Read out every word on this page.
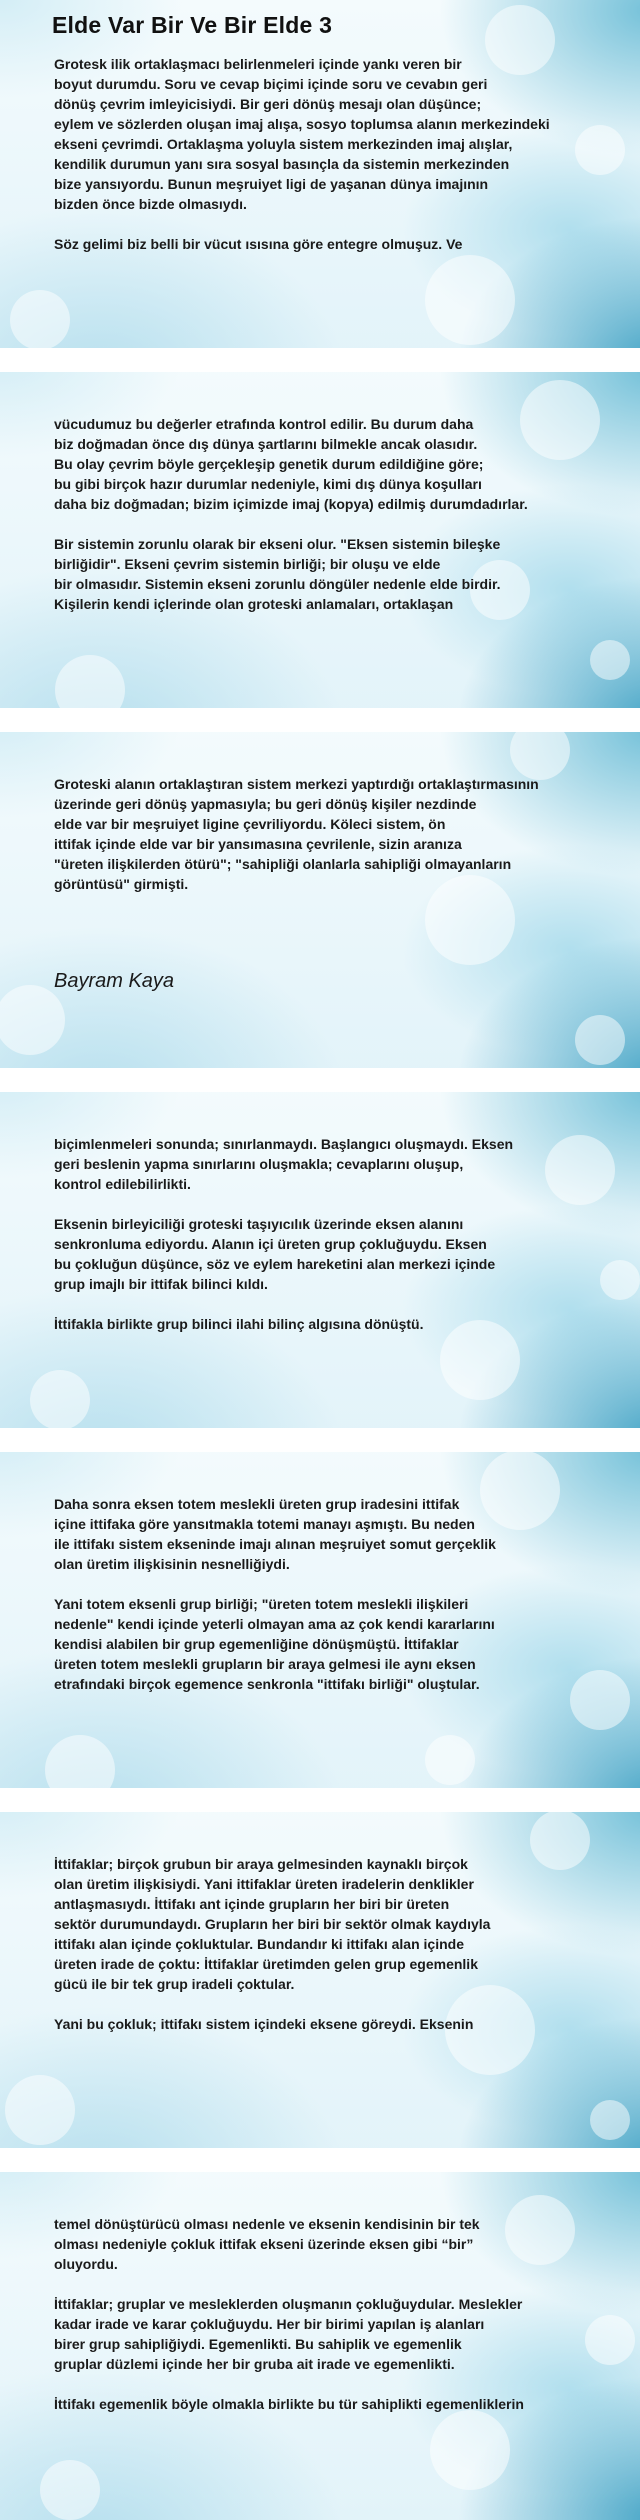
Elde Var Bir Ve Bir Elde 3
Grotesk ilik ortaklaşmacı belirlenmeleri içinde yankı veren bir
boyut durumdu. Soru ve cevap biçimi içinde soru ve cevabın geri
dönüş çevrim imleyicisiydi. Bir geri dönüş mesajı olan düşünce;
eylem ve sözlerden oluşan imaj alışa, sosyo toplumsa alanın merkezindeki
ekseni çevrimdi. Ortaklaşma yoluyla sistem merkezinden imaj alışlar,
kendilik durumun yanı sıra sosyal basınçla da sistemin merkezinden
bize yansıyordu. Bunun meşruiyet ligi de yaşanan dünya imajının
bizden önce bizde olmasıydı.
Söz gelimi biz belli bir vücut ısısına göre entegre olmuşuz. Ve
vücudumuz bu değerler etrafında kontrol edilir. Bu durum daha
biz doğmadan önce dış dünya şartlarını bilmekle ancak olasıdır.
Bu olay çevrim böyle gerçekleşip genetik durum edildiğine göre;
bu gibi birçok hazır durumlar nedeniyle, kimi dış dünya koşulları
daha biz doğmadan; bizim içimizde imaj (kopya) edilmiş durumdadırlar.
Bir sistemin zorunlu olarak bir ekseni olur. "Eksen sistemin bileşke
birliğidir". Ekseni çevrim sistemin birliği; bir oluşu ve elde
bir olmasıdır. Sistemin ekseni zorunlu döngüler nedenle elde birdir.
Kişilerin kendi içlerinde olan groteski anlamaları, ortaklaşan
Groteski alanın ortaklaştıran sistem merkezi yaptırdığı ortaklaştırmasının
üzerinde geri dönüş yapmasıyla; bu geri dönüş kişiler nezdinde
elde var bir meşruiyet ligine çevriliyordu. Köleci sistem, ön
ittifak içinde elde var bir yansımasına çevrilenle, sizin aranıza
"üreten ilişkilerden ötürü"; "sahipliği olanlarla sahipliği olmayanların
görüntüsü" girmişti.
Bayram Kaya
biçimlenmeleri sonunda; sınırlanmaydı. Başlangıcı oluşmaydı. Eksen
geri beslenin yapma sınırlarını oluşmakla; cevaplarını oluşup,
kontrol edilebilirlikti.
Eksenin birleyiciliği groteski taşıyıcılık üzerinde eksen alanını
senkronluma ediyordu. Alanın içi üreten grup çokluğuydu. Eksen
bu çokluğun düşünce, söz ve eylem hareketini alan merkezi içinde
grup imajlı bir ittifak bilinci kıldı.
İttifakla birlikte grup bilinci ilahi bilinç algısına dönüştü.
Daha sonra eksen totem meslekli üreten grup iradesini ittifak
içine ittifaka göre yansıtmakla totemi manayı aşmıştı. Bu neden
ile ittifakı sistem ekseninde imajı alınan meşruiyet somut gerçeklik
olan üretim ilişkisinin nesnelliğiydi.
Yani totem eksenli grup birliği; "üreten totem meslekli ilişkileri
nedenle" kendi içinde yeterli olmayan ama az çok kendi kararlarını
kendisi alabilen bir grup egemenliğine dönüşmüştü. İttifaklar
üreten totem meslekli grupların bir araya gelmesi ile aynı eksen
etrafındaki birçok egemence senkronla "ittifakı birliği" oluştular.
İttifaklar; birçok grubun bir araya gelmesinden kaynaklı birçok
olan üretim ilişkisiydi. Yani ittifaklar üreten iradelerin denklikler
antlaşmasıydı. İttifakı ant içinde grupların her biri bir üreten
sektör durumundaydı. Grupların her biri bir sektör olmak kaydıyla
ittifakı alan içinde çokluktular. Bundandır ki ittifakı alan içinde
üreten irade de çoktu: İttifaklar üretimden gelen grup egemenlik
gücü ile bir tek grup iradeli çoktular.
Yani bu çokluk; ittifakı sistem içindeki eksene göreydi. Eksenin
temel dönüştürücü olması nedenle ve eksenin kendisinin bir tek
olması nedeniyle çokluk ittifak ekseni üzerinde eksen gibi “bir”
oluyordu.
İttifaklar; gruplar ve mesleklerden oluşmanın çokluğuydular. Meslekler
kadar irade ve karar çokluğuydu. Her bir birimi yapılan iş alanları
birer grup sahipliğiydi. Egemenlikti. Bu sahiplik ve egemenlik
gruplar düzlemi içinde her bir gruba ait irade ve egemenlikti.
İttifakı egemenlik böyle olmakla birlikte bu tür sahiplikti egemenliklerin
